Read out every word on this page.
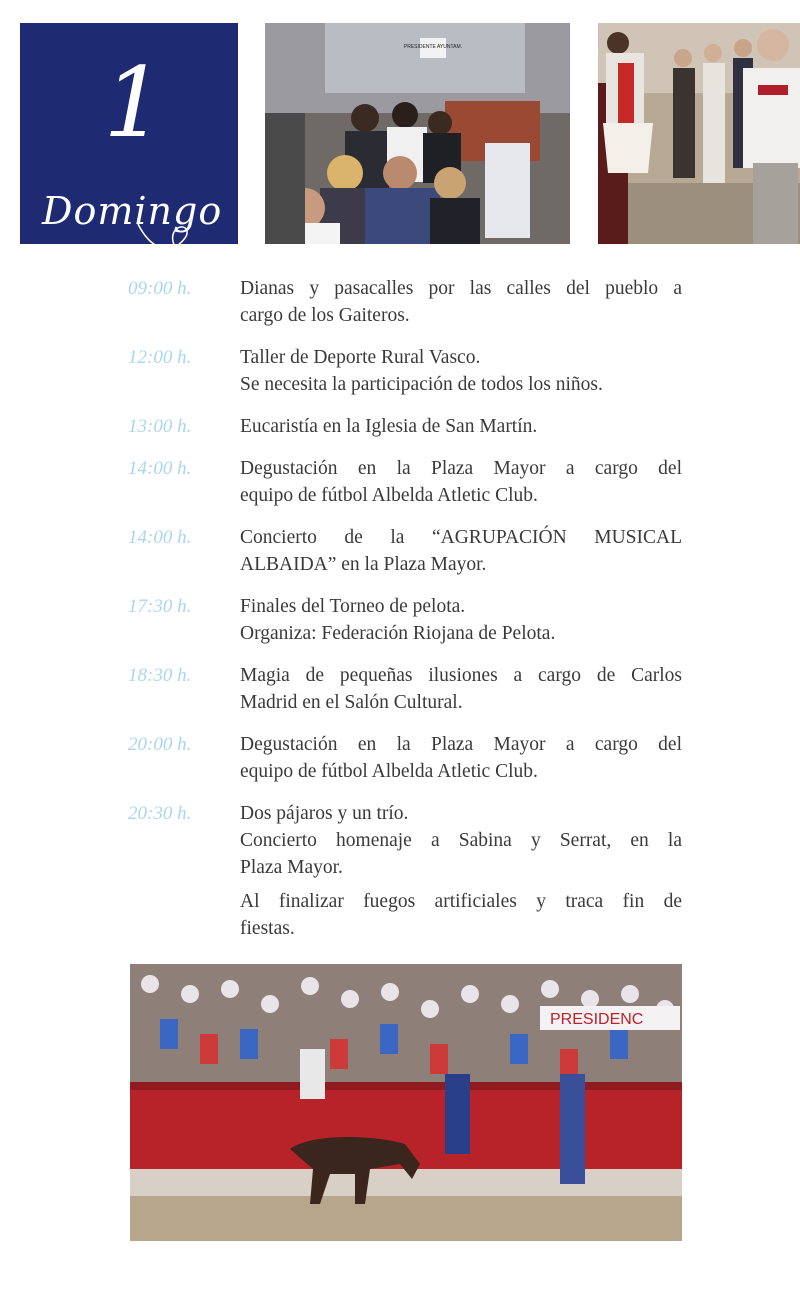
1
Domingo
PRESIDENTE AYUNTAM.
09:00 h.	Dianas y pasacalles por las calles del pueblo a
cargo de los Gaiteros.
12:00 h.	Taller de Deporte Rural Vasco.
Se necesita la participación de todos los niños.
13:00 h.	Eucaristía en la Iglesia de San Martín.
14:00 h.	Degustación en la Plaza Mayor a cargo del
equipo de fútbol Albelda Atletic Club.
14:00 h.	Concierto de la “AGRUPACIÓN MUSICAL
ALBAIDA” en la Plaza Mayor.
17:30 h.	Finales del Torneo de pelota.
Organiza: Federación Riojana de Pelota.
18:30 h.	Magia de pequeñas ilusiones a cargo de Carlos
Madrid en el Salón Cultural.
20:00 h.	Degustación en la Plaza Mayor a cargo del
equipo de fútbol Albelda Atletic Club.
20:30 h.	Dos pájaros y un trío.
Concierto homenaje a Sabina y Serrat, en la
Plaza Mayor.
Al finalizar fuegos artificiales y traca fin de
fiestas.
PRESIDENC
